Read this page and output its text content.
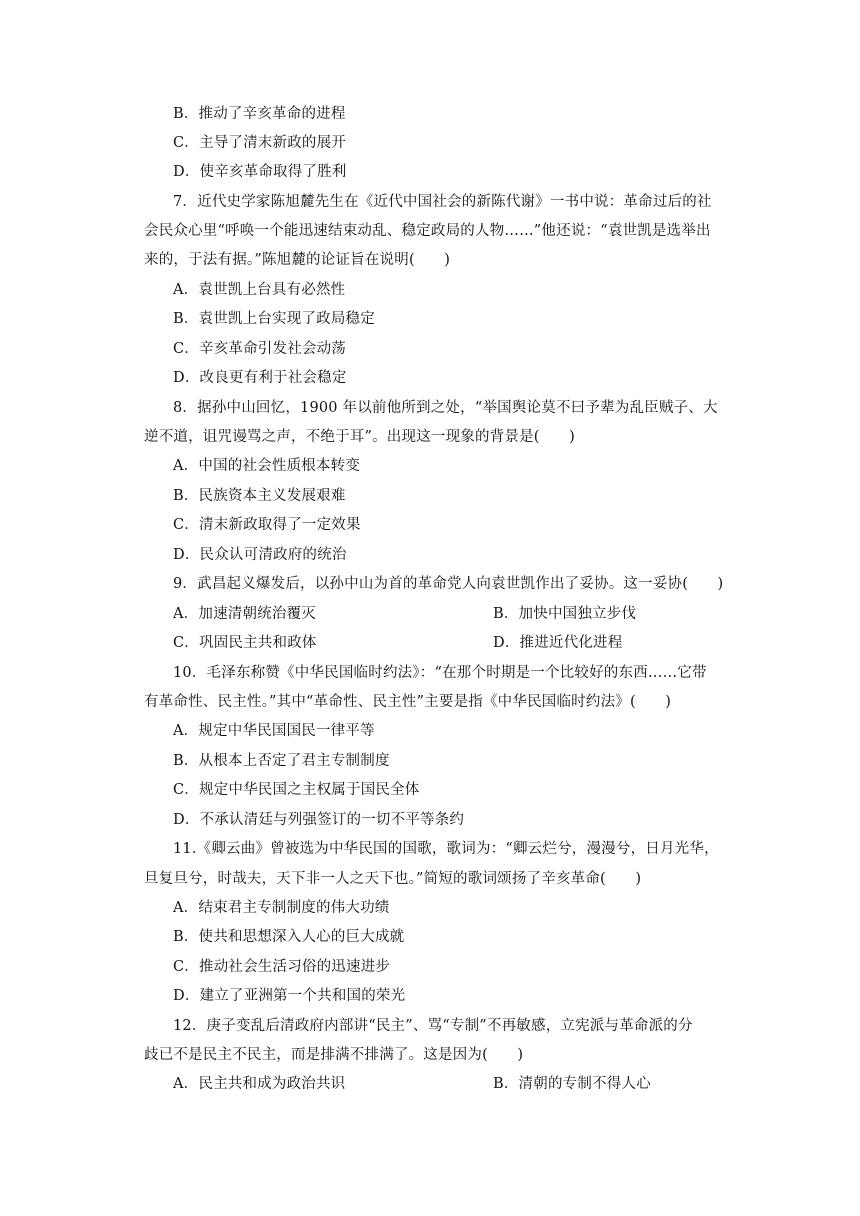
B．推动了辛亥革命的进程
C．主导了清末新政的展开
D．使辛亥革命取得了胜利
7．近代史学家陈旭麓先生在《近代中国社会的新陈代谢》一书中说：革命过后的社
会民众心里“呼唤一个能迅速结束动乱、稳定政局的人物……”他还说：“袁世凯是选举出
来的，于法有据。”陈旭麓的论证旨在说明(　　)
A．袁世凯上台具有必然性
B．袁世凯上台实现了政局稳定
C．辛亥革命引发社会动荡
D．改良更有利于社会稳定
8．据孙中山回忆，1900 年以前他所到之处，“举国舆论莫不曰予辈为乱臣贼子、大
逆不道，诅咒谩骂之声，不绝于耳”。出现这一现象的背景是(　　)
A．中国的社会性质根本转变
B．民族资本主义发展艰难
C．清末新政取得了一定效果
D．民众认可清政府的统治
9．武昌起义爆发后，以孙中山为首的革命党人向袁世凯作出了妥协。这一妥协(　　)
A．加速清朝统治覆灭	B．加快中国独立步伐
C．巩固民主共和政体	D．推进近代化进程
10．毛泽东称赞《中华民国临时约法》：“在那个时期是一个比较好的东西……它带
有革命性、民主性。”其中“革命性、民主性”主要是指《中华民国临时约法》(　　)
A．规定中华民国国民一律平等
B．从根本上否定了君主专制制度
C．规定中华民国之主权属于国民全体
D．不承认清廷与列强签订的一切不平等条约
11.《卿云曲》曾被选为中华民国的国歌，歌词为：“卿云烂兮，漫漫兮，日月光华，
旦复旦兮，时哉夫，天下非一人之天下也。”简短的歌词颂扬了辛亥革命(　　)
A．结束君主专制制度的伟大功绩
B．使共和思想深入人心的巨大成就
C．推动社会生活习俗的迅速进步
D．建立了亚洲第一个共和国的荣光
12．庚子变乱后清政府内部讲“民主”、骂“专制”不再敏感，立宪派与革命派的分
歧已不是民主不民主，而是排满不排满了。这是因为(　　)
A．民主共和成为政治共识	B．清朝的专制不得人心
